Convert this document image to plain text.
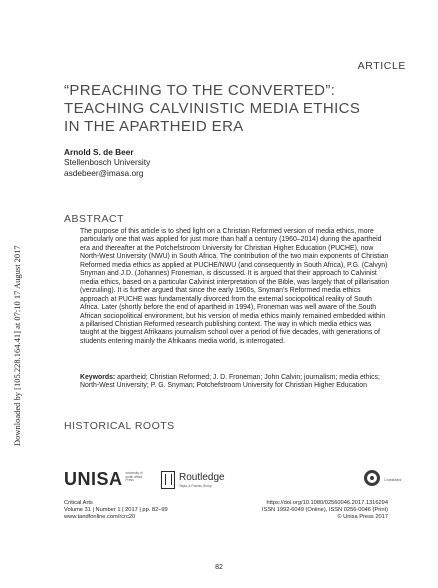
ARTICLE
“PREACHING TO THE CONVERTED”:
TEACHING CALVINISTIC MEDIA ETHICS
IN THE APARTHEID ERA
Arnold S. de Beer
Stellenbosch University
asdebeer@imasa.org
Downloaded by [105.228.164.41] at 07:10 17 August 2017
ABSTRACT

The purpose of this article is to shed light on a Christian Reformed version of media ethics, more particularly one that was applied for just more than half a century (1960–2014) during the apartheid era and thereafter at the Potchefstroom University for Christian Higher Education (PUCHE), now North-West University (NWU) in South Africa. The contribution of the two main exponents of Christian Reformed media ethics as applied at PUCHE/NWU (and consequently in South Africa), P.G. (Calvyn) Snyman and J.D. (Johannes) Froneman, is discussed. It is argued that their approach to Calvinist media ethics, based on a particular Calvinist interpretation of the Bible, was largely that of pillarisation (verzuiling). It is further argued that since the early 1960s, Snyman’s Reformed media ethics approach at PUCHE was fundamentally divorced from the external sociopolitical reality of South Africa. Later (shortly before the end of apartheid in 1994), Froneman was well aware of the South African sociopolitical environment, but his version of media ethics mainly remained embedded within a pillarised Christian Reformed research publishing context. The way in which media ethics was taught at the biggest Afrikaans journalism school over a period of five decades, with generations of students entering mainly the Afrikaans media world, is interrogated.

Keywords: apartheid; Christian Reformed; J. D. Froneman; John Calvin; journalism; media ethics; North-West University; P. G. Snyman; Potchefstroom University for Christian Higher Education
HISTORICAL ROOTS
UNISA university of south africa Press	Routledge
Taylor & Francis Group
CrossMark
Critical Arts
Volume 31 | Number 1 | 2017 | pp. 82–99
www.tandfonline.com/rcrc20
https://doi.org/10.1080/02560046.2017.1316294
ISSN 1992-6049 (Online), ISSN 0256-0046 (Print)
© Unisa Press 2017
82
